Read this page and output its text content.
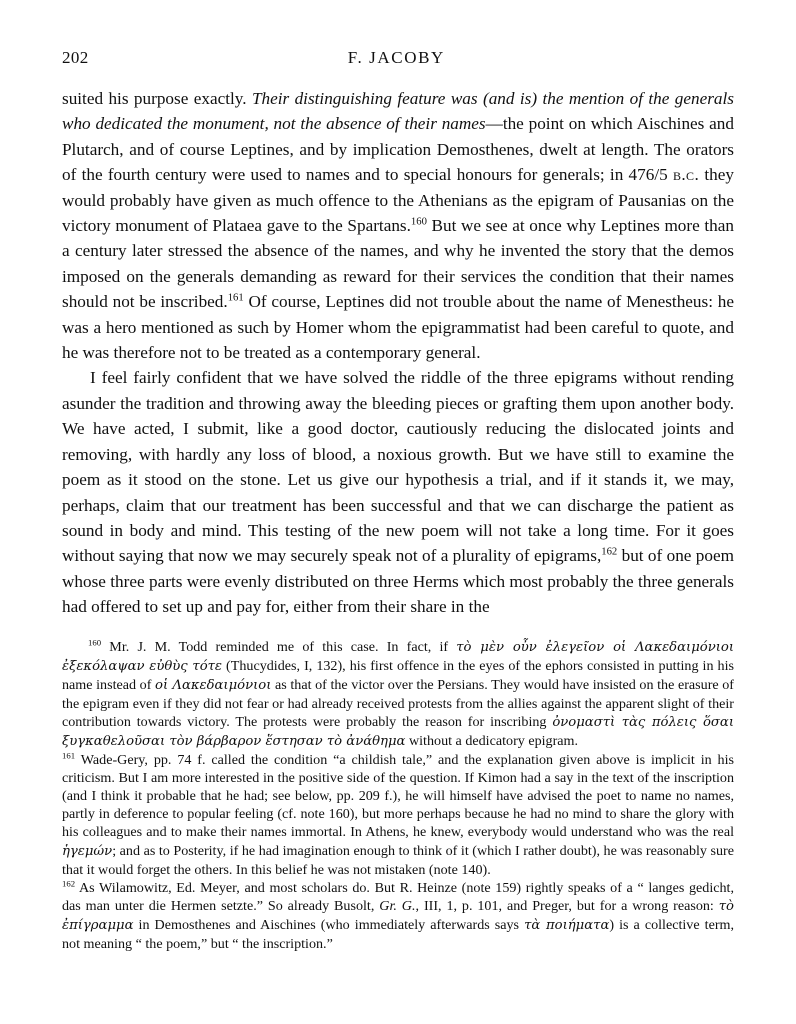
202	F. JACOBY

suited his purpose exactly. Their distinguishing feature was (and is) the mention of the generals who dedicated the monument, not the absence of their names—the point on which Aischines and Plutarch, and of course Leptines, and by implication Demosthenes, dwelt at length. The orators of the fourth century were used to names and to special honours for generals; in 476/5 b.c. they would probably have given as much offence to the Athenians as the epigram of Pausanias on the victory monument of Plataea gave to the Spartans.$^{160}$ But we see at once why Leptines more than a century later stressed the absence of the names, and why he invented the story that the demos imposed on the generals demanding as reward for their services the condition that their names should not be inscribed.$^{161}$ Of course, Leptines did not trouble about the name of Menestheus: he was a hero mentioned as such by Homer whom the epigrammatist had been careful to quote, and he was therefore not to be treated as a contemporary general.

I feel fairly confident that we have solved the riddle of the three epigrams without rending asunder the tradition and throwing away the bleeding pieces or grafting them upon another body. We have acted, I submit, like a good doctor, cautiously reducing the dislocated joints and removing, with hardly any loss of blood, a noxious growth. But we have still to examine the poem as it stood on the stone. Let us give our hypothesis a trial, and if it stands it, we may, perhaps, claim that our treatment has been successful and that we can discharge the patient as sound in body and mind. This testing of the new poem will not take a long time. For it goes without saying that now we may securely speak not of a plurality of epigrams,$^{162}$ but of one poem whose three parts were evenly distributed on three Herms which most probably the three generals had offered to set up and pay for, either from their share in the

$^{160}$ Mr. J. M. Todd reminded me of this case. In fact, if τὸ μὲν οὖν ἐλεγεῖον οἱ Λακεδαιμόνιοι ἐξεκόλαψαν εὐθὺς τότε (Thucydides, I, 132), his first offence in the eyes of the ephors consisted in putting in his name instead of οἱ Λακεδαιμόνιοι as that of the victor over the Persians. They would have insisted on the erasure of the epigram even if they did not fear or had already received protests from the allies against the apparent slight of their contribution towards victory. The protests were probably the reason for inscribing ὀνομαστὶ τὰς πόλεις ὅσαι ξυγκαθελοῦσαι τὸν βάρβαρον ἕστησαν τὸ ἀνάθημα without a dedicatory epigram.

$^{161}$ Wade-Gery, pp. 74 f. called the condition “a childish tale,” and the explanation given above is implicit in his criticism. But I am more interested in the positive side of the question. If Kimon had a say in the text of the inscription (and I think it probable that he had; see below, pp. 209 f.), he will himself have advised the poet to name no names, partly in deference to popular feeling (cf. note 160), but more perhaps because he had no mind to share the glory with his colleagues and to make their names immortal. In Athens, he knew, everybody would understand who was the real ἡγεμών; and as to Posterity, if he had imagination enough to think of it (which I rather doubt), he was reasonably sure that it would forget the others. In this belief he was not mistaken (note 140).

$^{162}$ As Wilamowitz, Ed. Meyer, and most scholars do. But R. Heinze (note 159) rightly speaks of a “ langes gedicht, das man unter die Hermen setzte.” So already Busolt, Gr. G., III, 1, p. 101, and Preger, but for a wrong reason: τὸ ἐπίγραμμα in Demosthenes and Aischines (who immediately afterwards says τὰ ποιήματα) is a collective term, not meaning “ the poem,” but “ the inscription.”
